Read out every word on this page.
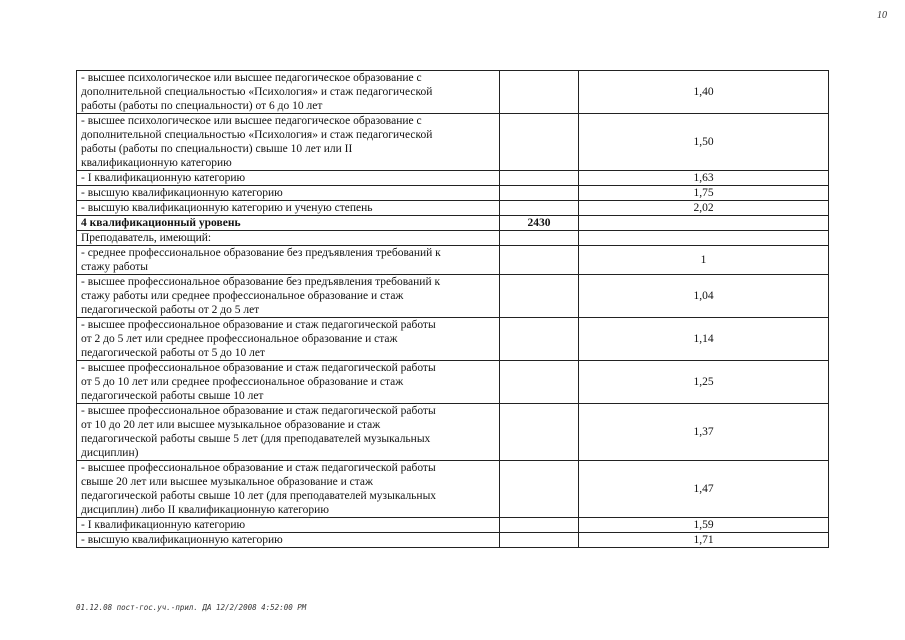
10
- высшее психологическое или высшее педагогическое образование с
дополнительной специальностью «Психология» и стаж педагогической
работы (работы по специальности) от 6 до 10 лет		1,40
- высшее психологическое или высшее педагогическое образование с
дополнительной специальностью «Психология» и стаж педагогической
работы (работы по специальности) свыше 10 лет или II
квалификационную категорию		1,50
- I квалификационную категорию		1,63
- высшую квалификационную категорию		1,75
- высшую квалификационную категорию и ученую степень		2,02
4 квалификационный уровень	2430	
Преподаватель, имеющий:		
- среднее профессиональное образование без предъявления требований к
стажу работы		1
- высшее профессиональное образование без предъявления требований к
стажу работы или среднее профессиональное образование и стаж
педагогической работы от 2 до 5 лет		1,04
- высшее профессиональное образование и стаж педагогической работы
от 2 до 5 лет или среднее профессиональное образование и стаж
педагогической работы от 5 до 10 лет		1,14
- высшее профессиональное образование и стаж педагогической работы
от 5 до 10 лет или среднее профессиональное образование и стаж
педагогической работы свыше 10 лет		1,25
- высшее профессиональное образование и стаж педагогической работы
от 10 до 20 лет или высшее музыкальное образование и стаж
педагогической работы свыше 5 лет (для преподавателей музыкальных
дисциплин)		1,37
- высшее профессиональное образование и стаж педагогической работы
свыше 20 лет или высшее музыкальное образование и стаж
педагогической работы свыше 10 лет (для преподавателей музыкальных
дисциплин) либо II квалификационную категорию		1,47
- I квалификационную категорию		1,59
- высшую квалификационную категорию		1,71
01.12.08 пост-гос.уч.-прил. ДА 12/2/2008 4:52:00 PM
